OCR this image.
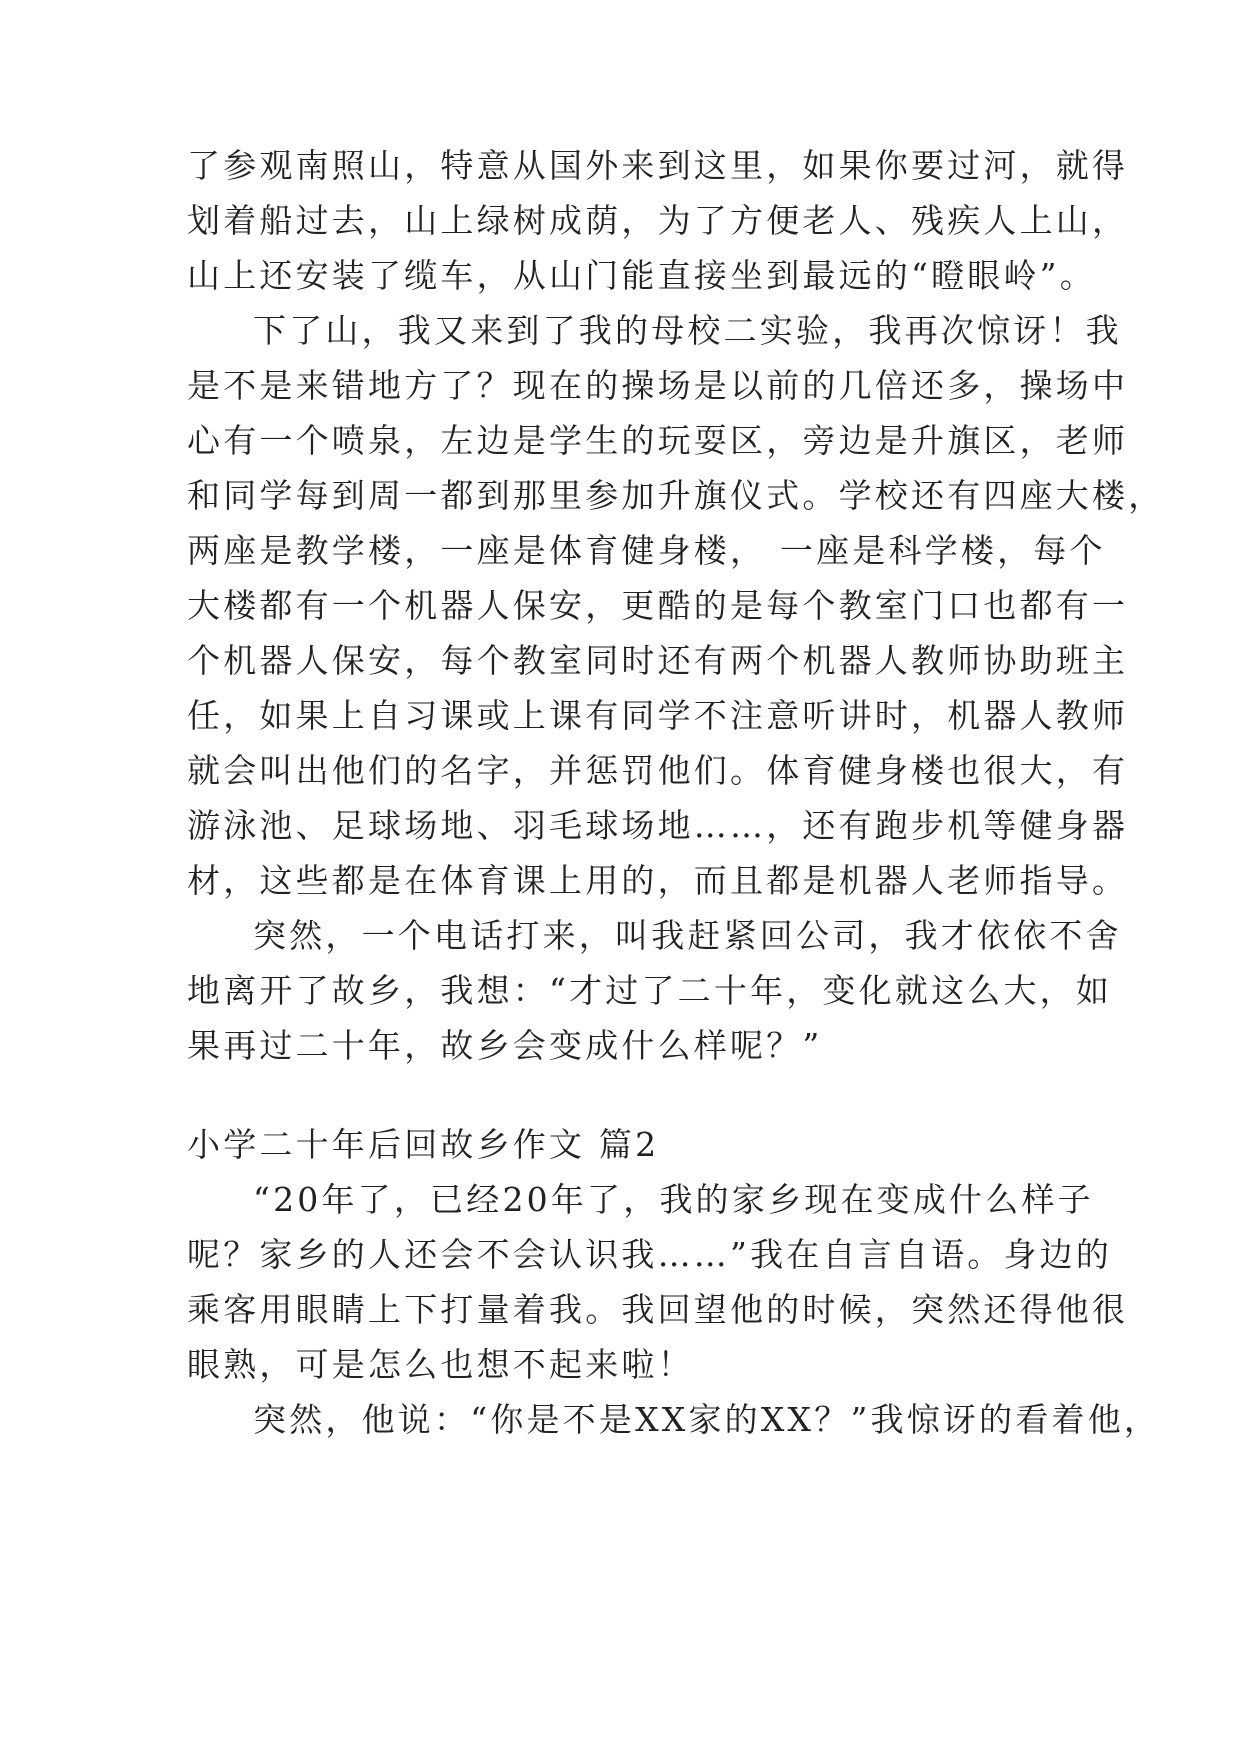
了参观南照山，特意从国外来到这里，如果你要过河，就得
划着船过去，山上绿树成荫，为了方便老人、残疾人上山，
山上还安装了缆车，从山门能直接坐到最远的“瞪眼岭”。
下了山，我又来到了我的母校二实验，我再次惊讶！我
是不是来错地方了？现在的操场是以前的几倍还多，操场中
心有一个喷泉，左边是学生的玩耍区，旁边是升旗区，老师
和同学每到周一都到那里参加升旗仪式。学校还有四座大楼，
两座是教学楼，一座是体育健身楼， 一座是科学楼，每个
大楼都有一个机器人保安，更酷的是每个教室门口也都有一
个机器人保安，每个教室同时还有两个机器人教师协助班主
任，如果上自习课或上课有同学不注意听讲时，机器人教师
就会叫出他们的名字，并惩罚他们。体育健身楼也很大，有
游泳池、足球场地、羽毛球场地……，还有跑步机等健身器
材，这些都是在体育课上用的，而且都是机器人老师指导。
突然，一个电话打来，叫我赶紧回公司，我才依依不舍
地离开了故乡，我想：“才过了二十年，变化就这么大，如
果再过二十年，故乡会变成什么样呢？”
小学二十年后回故乡作文 篇2
“20年了，已经20年了，我的家乡现在变成什么样子
呢？家乡的人还会不会认识我……”我在自言自语。身边的
乘客用眼睛上下打量着我。我回望他的时候，突然还得他很
眼熟，可是怎么也想不起来啦！
突然，他说：“你是不是XX家的XX？”我惊讶的看着他，
